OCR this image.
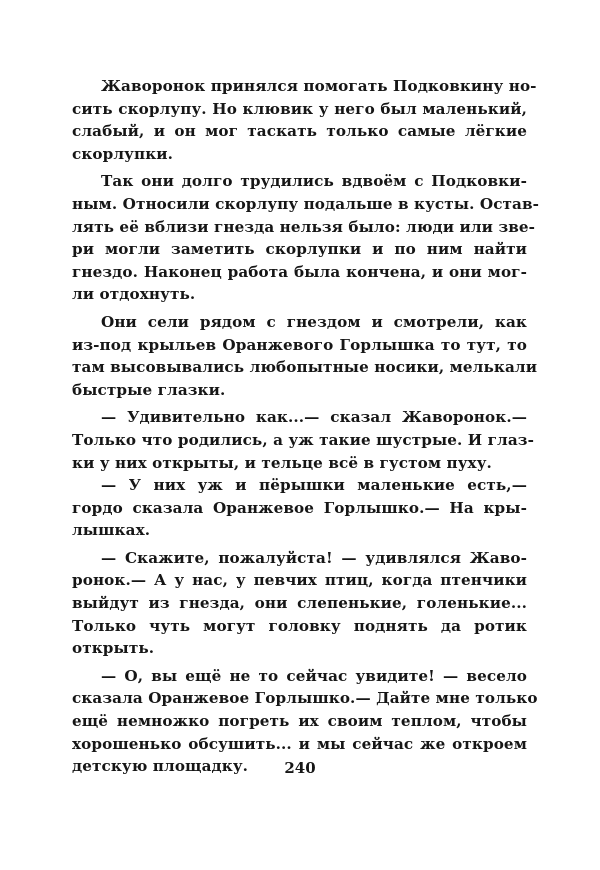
Жаворонок принялся помогать Подковкину но-
сить скорлупу. Но клювик у него был маленький,
слабый, и он мог таскать только самые лёгкие
скорлупки.
Так они долго трудились вдвоём с Подковки-
ным. Относили скорлупу подальше в кусты. Остав-
лять её вблизи гнезда нельзя было: люди или зве-
ри могли заметить скорлупки и по ним найти
гнездо. Наконец работа была кончена, и они мог-
ли отдохнуть.
Они сели рядом с гнездом и смотрели, как
из-под крыльев Оранжевого Горлышка то тут, то
там высовывались любопытные носики, мелькали
быстрые глазки.
— Удивительно как...— сказал Жаворонок.—
Только что родились, а уж такие шустрые. И глаз-
ки у них открыты, и тельце всё в густом пуху.
— У них уж и пёрышки маленькие есть,—
гордо сказала Оранжевое Горлышко.— На кры-
лышках.
— Скажите, пожалуйста! — удивлялся Жаво-
ронок.— А у нас, у певчих птиц, когда птенчики
выйдут из гнезда, они слепенькие, голенькие...
Только чуть могут головку поднять да ротик
открыть.
— О, вы ещё не то сейчас увидите! — весело
сказала Оранжевое Горлышко.— Дайте мне только
ещё немножко погреть их своим теплом, чтобы
хорошенько обсушить... и мы сейчас же откроем
детскую площадку.	240
